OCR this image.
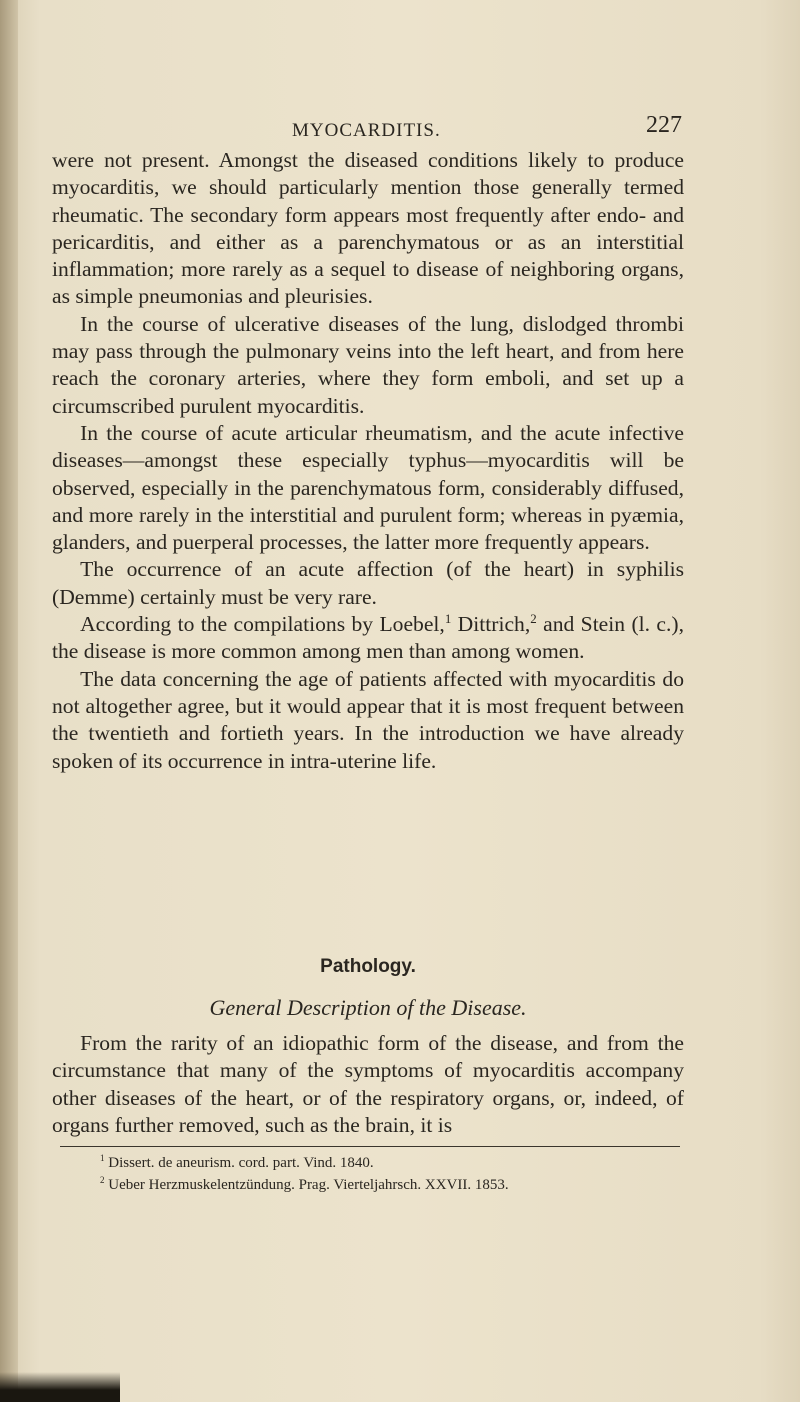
MYOCARDITIS.	227

were not present. Amongst the diseased conditions likely to produce myocarditis, we should particularly mention those generally termed rheumatic. The secondary form appears most frequently after endo- and pericarditis, and either as a parenchymatous or as an interstitial inflammation; more rarely as a sequel to disease of neighboring organs, as simple pneumonias and pleurisies.

In the course of ulcerative diseases of the lung, dislodged thrombi may pass through the pulmonary veins into the left heart, and from here reach the coronary arteries, where they form emboli, and set up a circumscribed purulent myocarditis.

In the course of acute articular rheumatism, and the acute infective diseases—amongst these especially typhus—myocarditis will be observed, especially in the parenchymatous form, considerably diffused, and more rarely in the interstitial and purulent form; whereas in pyæmia, glanders, and puerperal processes, the latter more frequently appears.

The occurrence of an acute affection (of the heart) in syphilis (Demme) certainly must be very rare.

According to the compilations by Loebel,$^1$ Dittrich,$^2$ and Stein (l. c.), the disease is more common among men than among women.

The data concerning the age of patients affected with myocarditis do not altogether agree, but it would appear that it is most frequent between the twentieth and fortieth years. In the introduction we have already spoken of its occurrence in intra-uterine life.

Pathology.
General Description of the Disease.

From the rarity of an idiopathic form of the disease, and from the circumstance that many of the symptoms of myocarditis accompany other diseases of the heart, or of the respiratory organs, or, indeed, of organs further removed, such as the brain, it is

$^1$ Dissert. de aneurism. cord. part. Vind. 1840.
$^2$ Ueber Herzmuskelentzündung. Prag. Vierteljahrsch. XXVII. 1853.
